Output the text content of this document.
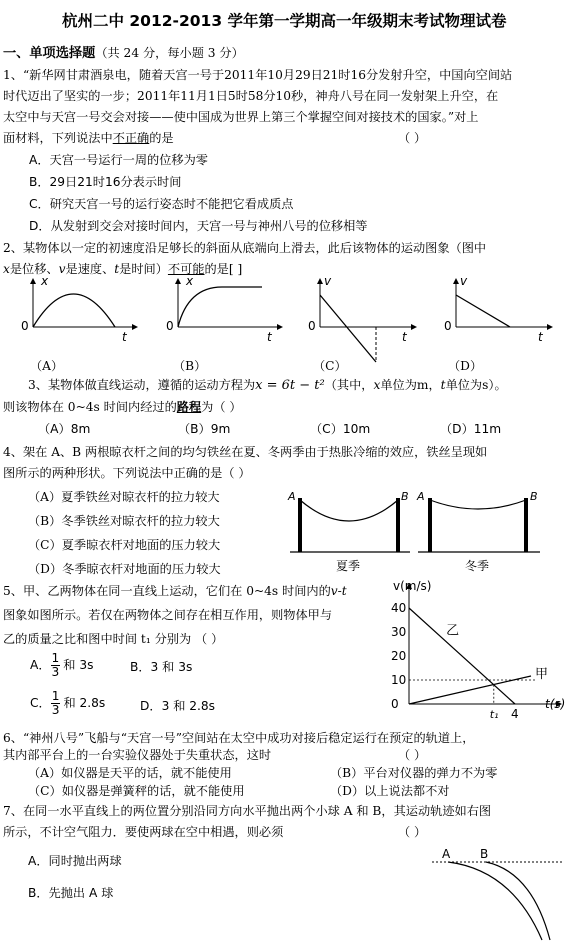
杭州二中 2012-2013 学年第一学期高一年级期末考试物理试卷
一、单项选择题（共 24 分，每小题 3 分）
1、“新华网甘肃酒泉电，随着天宫一号于2011年10月29日21时16分发射升空，中国向空间站
时代迈出了坚实的一步；2011年11月1日5时58分10秒，神舟八号在同一发射架上升空，在
太空中与天宫一号交会对接——使中国成为世界上第三个掌握空间对接技术的国家。”对上
面材料，下列说法中不正确的是	（ ）
A．天宫一号运行一周的位移为零
B．29日21时16分表示时间
C．研究天宫一号的运行姿态时不能把它看成质点
D．从发射到交会对接时间内，天宫一号与神州八号的位移相等
2、某物体以一定的初速度沿足够长的斜面从底端向上滑去，此后该物体的运动图象（图中
x是位移、v是速度、t是时间）不可能的是[ ]
x
t
0
（A）
x
t
0
（B）
v
t
0
（C）
v
t
0
（D）
3、某物体做直线运动，遵循的运动方程为x = 6t − t²（其中，x单位为m，t单位为s）。
则该物体在 0~4s 时间内经过的路程为（ ）
（A）8m	（B）9m	（C）10m	（D）11m
4、架在 A、B 两根晾衣杆之间的均匀铁丝在夏、冬两季由于热胀冷缩的效应，铁丝呈现如
图所示的两种形状。下列说法中正确的是（ ）
（A）夏季铁丝对晾衣杆的拉力较大
（B）冬季铁丝对晾衣杆的拉力较大
（C）夏季晾衣杆对地面的压力较大
（D）冬季晾衣杆对地面的压力较大
A	B
夏季
A	B
冬季
5、甲、乙两物体在同一直线上运动，它们在 0~4s 时间内的v-t
图象如图所示。若仅在两物体之间存在相互作用，则物体甲与
乙的质量之比和图中时间 t₁ 分别为 （ ）
A． $\frac{1}{3}$ 和 3s	B．3 和 3s
C． $\frac{1}{3}$ 和 2.8s	D．3 和 2.8s
v(m/s)
t(s)
40
30
20
10
0
乙
甲
t₁ 4
6、“神州八号”飞船与“天宫一号”空间站在太空中成功对接后稳定运行在预定的轨道上，
其内部平台上的一台实验仪器处于失重状态，这时	（ ）
（A）如仪器是天平的话，就不能使用	（B）平台对仪器的弹力不为零
（C）如仪器是弹簧秤的话，就不能使用	（D）以上说法都不对
7、在同一水平直线上的两位置分别沿同方向水平抛出两个小球 A 和 B，其运动轨迹如右图
所示，不计空气阻力．要使两球在空中相遇，则必须	（ ）
A．同时抛出两球
B．先抛出 A 球
A B
